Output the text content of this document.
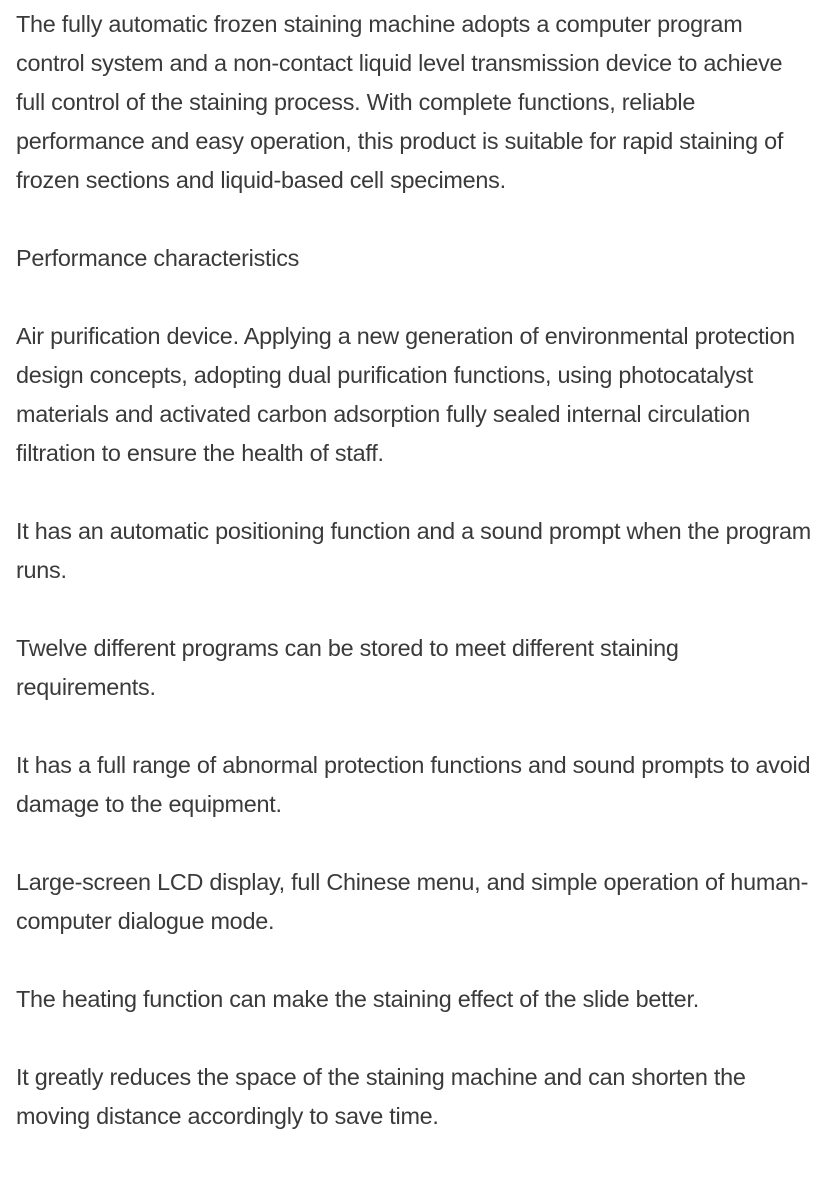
The fully automatic frozen staining machine adopts a computer program control system and a non-contact liquid level transmission device to achieve full control of the staining process. With complete functions, reliable performance and easy operation, this product is suitable for rapid staining of frozen sections and liquid-based cell specimens.

Performance characteristics

Air purification device. Applying a new generation of environmental protection design concepts, adopting dual purification functions, using photocatalyst materials and activated carbon adsorption fully sealed internal circulation filtration to ensure the health of staff.

It has an automatic positioning function and a sound prompt when the program runs.

Twelve different programs can be stored to meet different staining requirements.

It has a full range of abnormal protection functions and sound prompts to avoid damage to the equipment.

Large-screen LCD display, full Chinese menu, and simple operation of human-computer dialogue mode.

The heating function can make the staining effect of the slide better.

It greatly reduces the space of the staining machine and can shorten the moving distance accordingly to save time.
